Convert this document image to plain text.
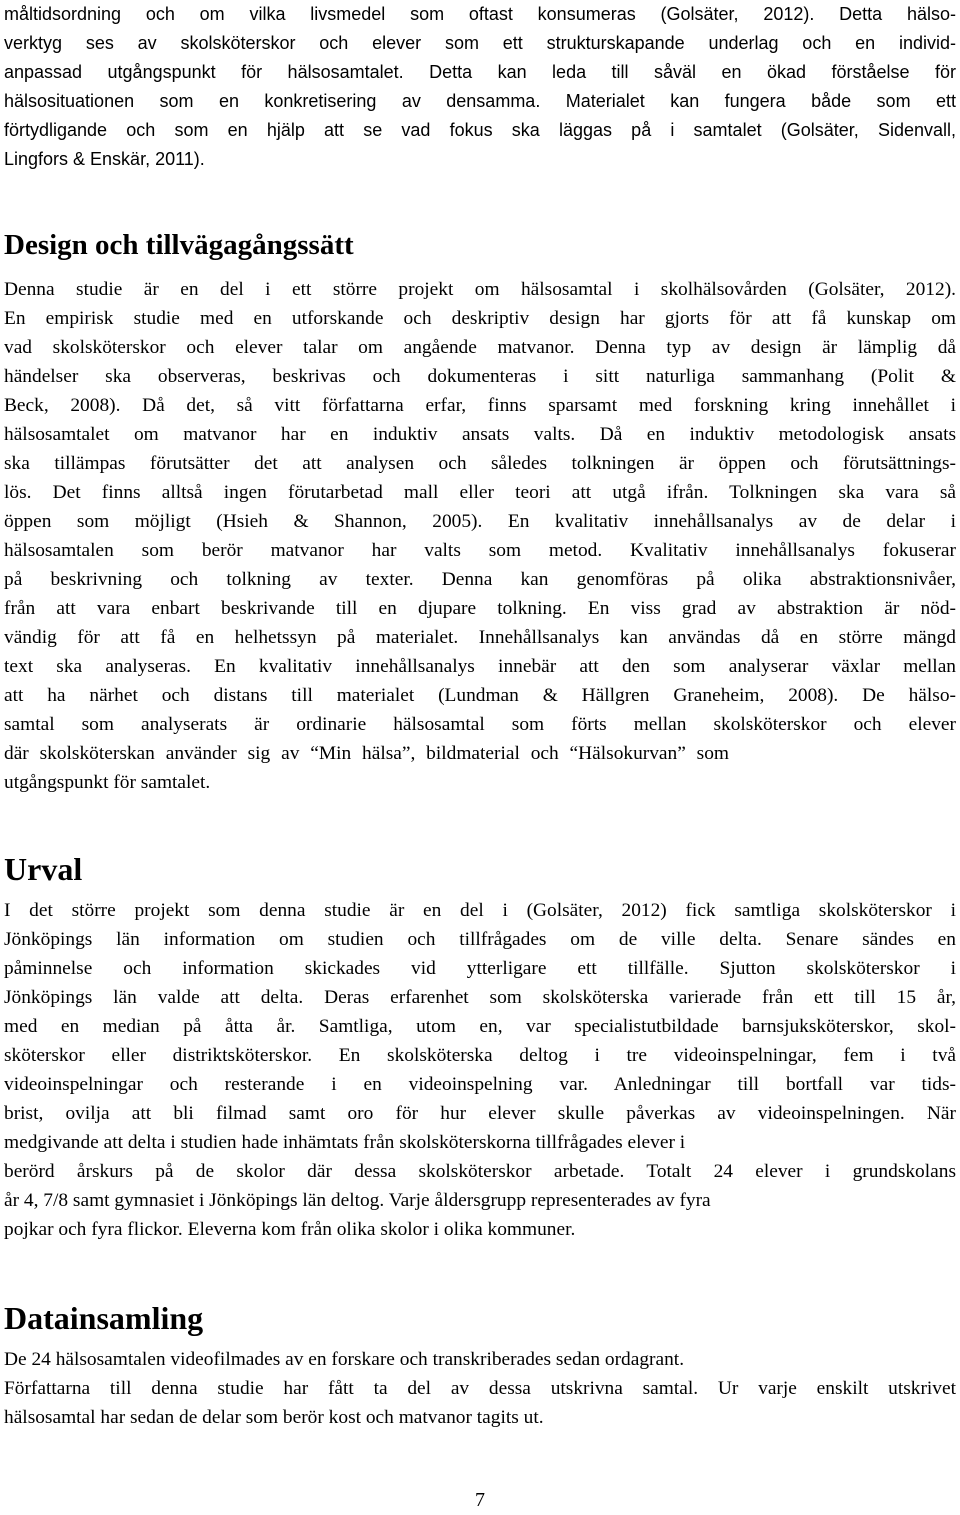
måltidsordning och om vilka livsmedel som oftast konsumeras (Golsäter, 2012). Detta hälso-

verktyg ses av skolsköterskor och elever som ett strukturskapande underlag och en individ-

anpassad utgångspunkt för hälsosamtalet. Detta kan leda till såväl en ökad förståelse för

hälsosituationen som en konkretisering av densamma. Materialet kan fungera både som ett

förtydligande och som en hjälp att se vad fokus ska läggas på i samtalet (Golsäter, Sidenvall,

Lingfors & Enskär, 2011).

Design och tillvägagångssätt

Denna studie är en del i ett större projekt om hälsosamtal i skolhälsovården (Golsäter, 2012).

En empirisk studie med en utforskande och deskriptiv design har gjorts för att få kunskap om

vad skolsköterskor och elever talar om angående matvanor. Denna typ av design är lämplig då

händelser ska observeras, beskrivas och dokumenteras i sitt naturliga sammanhang (Polit &

Beck, 2008). Då det, så vitt författarna erfar, finns sparsamt med forskning kring innehållet i

hälsosamtalet om matvanor har en induktiv ansats valts. Då en induktiv metodologisk ansats

ska tillämpas förutsätter det att analysen och således tolkningen är öppen och förutsättnings-

lös. Det finns alltså ingen förutarbetad mall eller teori att utgå ifrån. Tolkningen ska vara så

öppen som möjligt (Hsieh & Shannon, 2005). En kvalitativ innehållsanalys av de delar i

hälsosamtalen som berör matvanor har valts som metod. Kvalitativ innehållsanalys fokuserar

på beskrivning och tolkning av texter. Denna kan genomföras på olika abstraktionsnivåer,

från att vara enbart beskrivande till en djupare tolkning. En viss grad av abstraktion är nöd-

vändig för att få en helhetssyn på materialet. Innehållsanalys kan användas då en större mängd

text ska analyseras. En kvalitativ innehållsanalys innebär att den som analyserar växlar mellan

att ha närhet och distans till materialet (Lundman & Hällgren Graneheim, 2008). De hälso-

samtal som analyserats är ordinarie hälsosamtal som förts mellan skolsköterskor och elever

där skolsköterskan använder sig av “Min hälsa”, bildmaterial och “Hälsokurvan” som

utgångspunkt för samtalet.

Urval

I det större projekt som denna studie är en del i (Golsäter, 2012) fick samtliga skolsköterskor i

Jönköpings län information om studien och tillfrågades om de ville delta. Senare sändes en

påminnelse och information skickades vid ytterligare ett tillfälle. Sjutton skolsköterskor i

Jönköpings län valde att delta. Deras erfarenhet som skolsköterska varierade från ett till 15 år,

med en median på åtta år. Samtliga, utom en, var specialistutbildade barnsjuksköterskor, skol-

sköterskor eller distriktsköterskor. En skolsköterska deltog i tre videoinspelningar, fem i två

videoinspelningar och resterande i en videoinspelning var. Anledningar till bortfall var tids-

brist, ovilja att bli filmad samt oro för hur elever skulle påverkas av videoinspelningen. När

medgivande att delta i studien hade inhämtats från skolsköterskorna tillfrågades elever i

berörd årskurs på de skolor där dessa skolsköterskor arbetade. Totalt 24 elever i grundskolans

år 4, 7/8 samt gymnasiet i Jönköpings län deltog. Varje åldersgrupp representerades av fyra

pojkar och fyra flickor. Eleverna kom från olika skolor i olika kommuner.

Datainsamling

De 24 hälsosamtalen videofilmades av en forskare och transkriberades sedan ordagrant.

Författarna till denna studie har fått ta del av dessa utskrivna samtal. Ur varje enskilt utskrivet

hälsosamtal har sedan de delar som berör kost och matvanor tagits ut.

7
